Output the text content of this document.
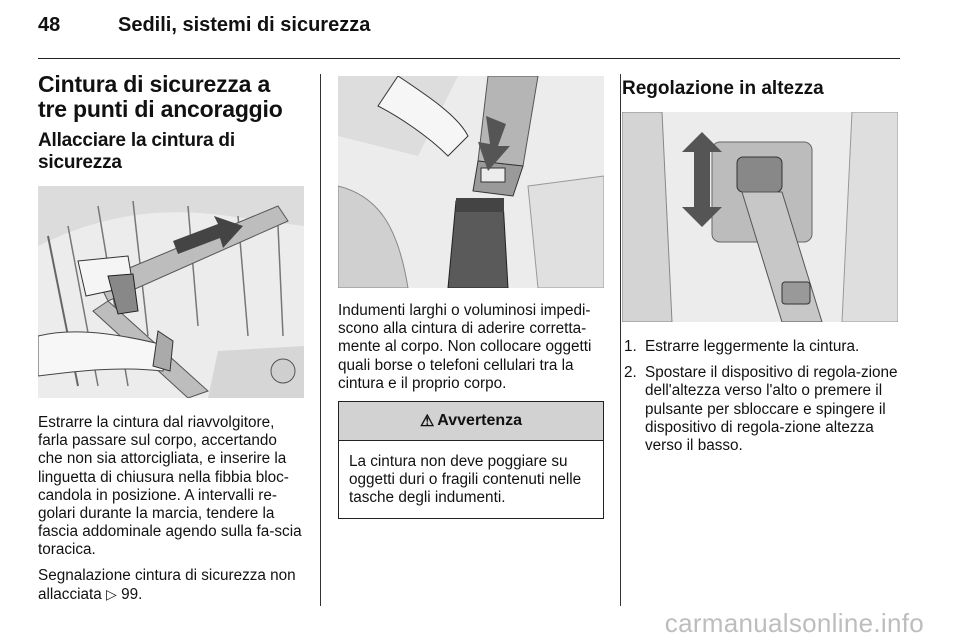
48	Sedili, sistemi di sicurezza
Cintura di sicurezza a tre punti di ancoraggio
Allacciare la cintura di sicurezza

Estrarre la cintura dal riavvolgitore, farla passare sul corpo, accertando che non sia attorcigliata, e inserire la linguetta di chiusura nella fibbia bloc-candola in posizione. A intervalli re-golari durante la marcia, tendere la fascia addominale agendo sulla fa-scia toracica.

Segnalazione cintura di sicurezza non allacciata ▷ 99.

Indumenti larghi o voluminosi impedi-scono alla cintura di aderire corretta-mente al corpo. Non collocare oggetti quali borse o telefoni cellulari tra la cintura e il proprio corpo.

⚠ Avvertenza
La cintura non deve poggiare su oggetti duri o fragili contenuti nelle tasche degli indumenti.
Regolazione in altezza
1. Estrarre leggermente la cintura.
2. Spostare il dispositivo di regola-zione dell'altezza verso l'alto o premere il pulsante per sbloccare e spingere il dispositivo di regola-zione altezza verso il basso.
carmanualsonline.info
